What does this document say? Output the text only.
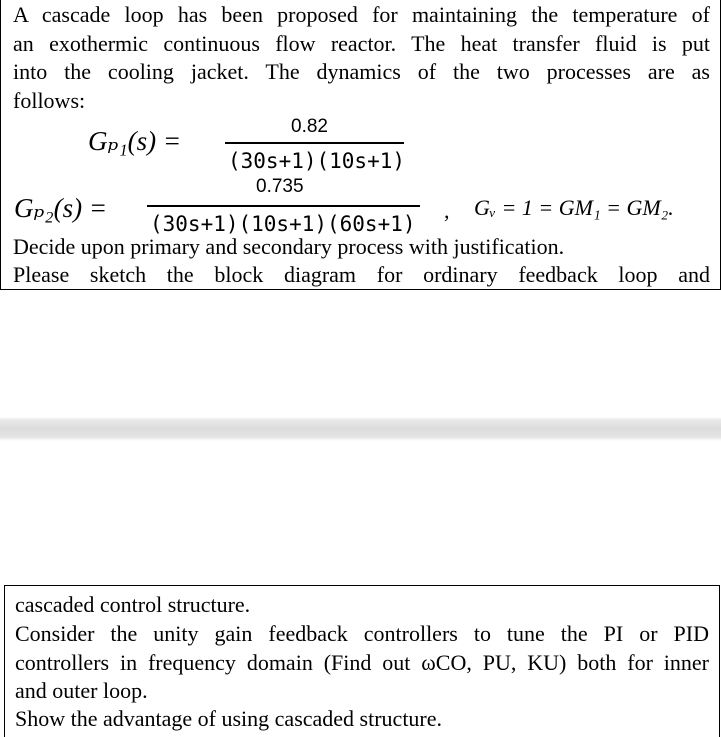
A cascade loop has been proposed for maintaining the temperature of
an exothermic continuous flow reactor. The heat transfer fluid is put
into the cooling jacket. The dynamics of the two processes are as
follows:
Gₚ₁(s) =	0.82
(30s+1)(10s+1)
Gₚ₂(s) =
0.735
(30s+1)(10s+1)(60s+1)
, Gᵥ = 1 = GM₁ = GM₂.
Decide upon primary and secondary process with justification.
Please sketch the block diagram for ordinary feedback loop and
cascaded control structure.
Consider the unity gain feedback controllers to tune the PI or PID
controllers in frequency domain (Find out ωCO, PU, KU) both for inner
and outer loop.
Show the advantage of using cascaded structure.
